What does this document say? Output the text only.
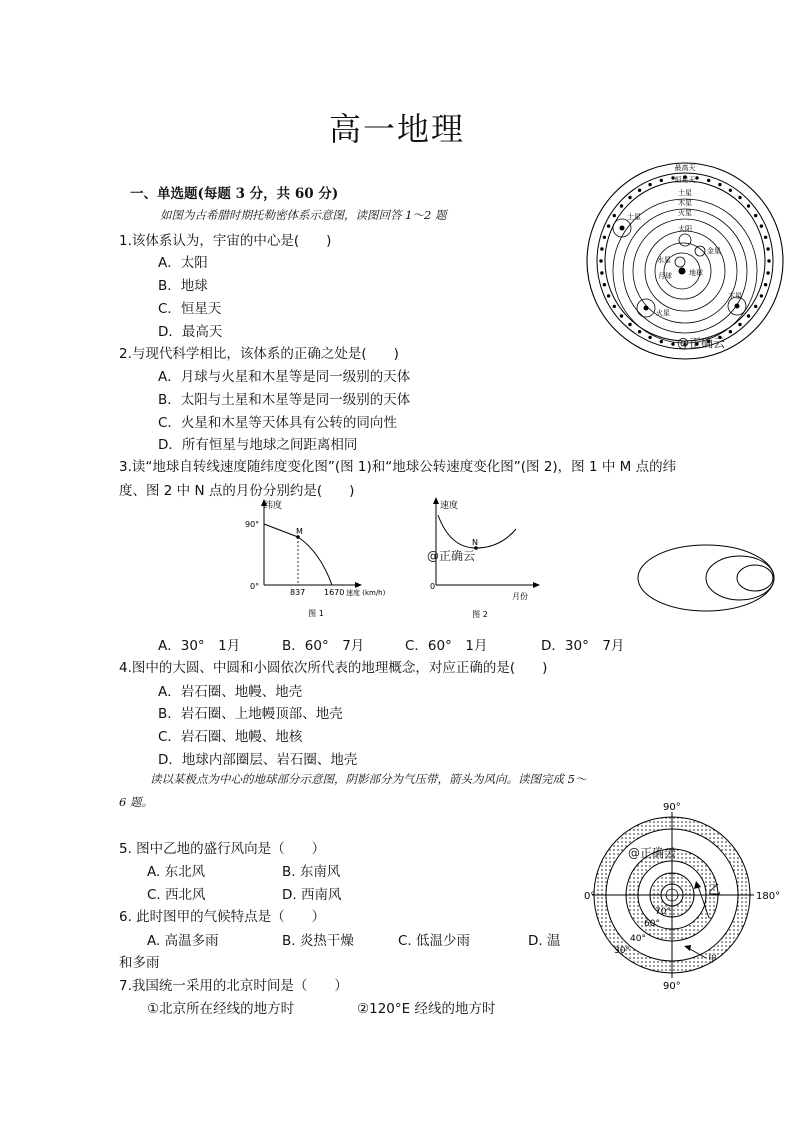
高一地理
一、单选题(每题 3 分，共 60 分)
如图为古希腊时期托勒密体系示意图，读图回答 1～2 题
1.该体系认为，宇宙的中心是(　　)
A．太阳
B．地球
C．恒星天
D．最高天
2.与现代科学相比，该体系的正确之处是(　　)
A．月球与火星和木星等是同一级别的天体
B．太阳与土星和木星等是同一级别的天体
C．火星和木星等天体具有公转的同向性
D．所有恒星与地球之间距离相同
3.读“地球自转线速度随纬度变化图”(图 1)和“地球公转速度变化图”(图 2)，图 1 中 M 点的纬
度、图 2 中 N 点的月份分别约是(　　)
A．30°　1月	B．60°　7月	C．60°　1月	D．30°　7月
4.图中的大圆、中圆和小圆依次所代表的地理概念，对应正确的是(　　)
A．岩石圈、地幔、地壳
B．岩石圈、上地幔顶部、地壳
C．岩石圈、地幔、地核
D．地球内部圈层、岩石圈、地壳
读以某极点为中心的地球部分示意图，阴影部分为气压带，箭头为风向。读图完成 5～
6 题。
5. 图中乙地的盛行风向是（　　）
A. 东北风	B. 东南风
C. 西北风	D. 西南风
6. 此时图甲的气候特点是（　　）
A. 高温多雨	B. 炎热干燥	C. 低温少雨	D. 温
和多雨
7.我国统一采用的北京时间是（　　）
①北京所在经线的地方时	②120°E 经线的地方时
最高天
恒星天
土星
木星
火星
太阳
金星
水星
地球
月球
土星
木星
火星
@正确云
纬度
90°
0°
M
837 1670 速度 (km/h)
图 1
速度
N
@正确云
0
月份
图 2
90°
90°
0°	180°
70°
60°
40°
30°
乙
甲
@正确云
